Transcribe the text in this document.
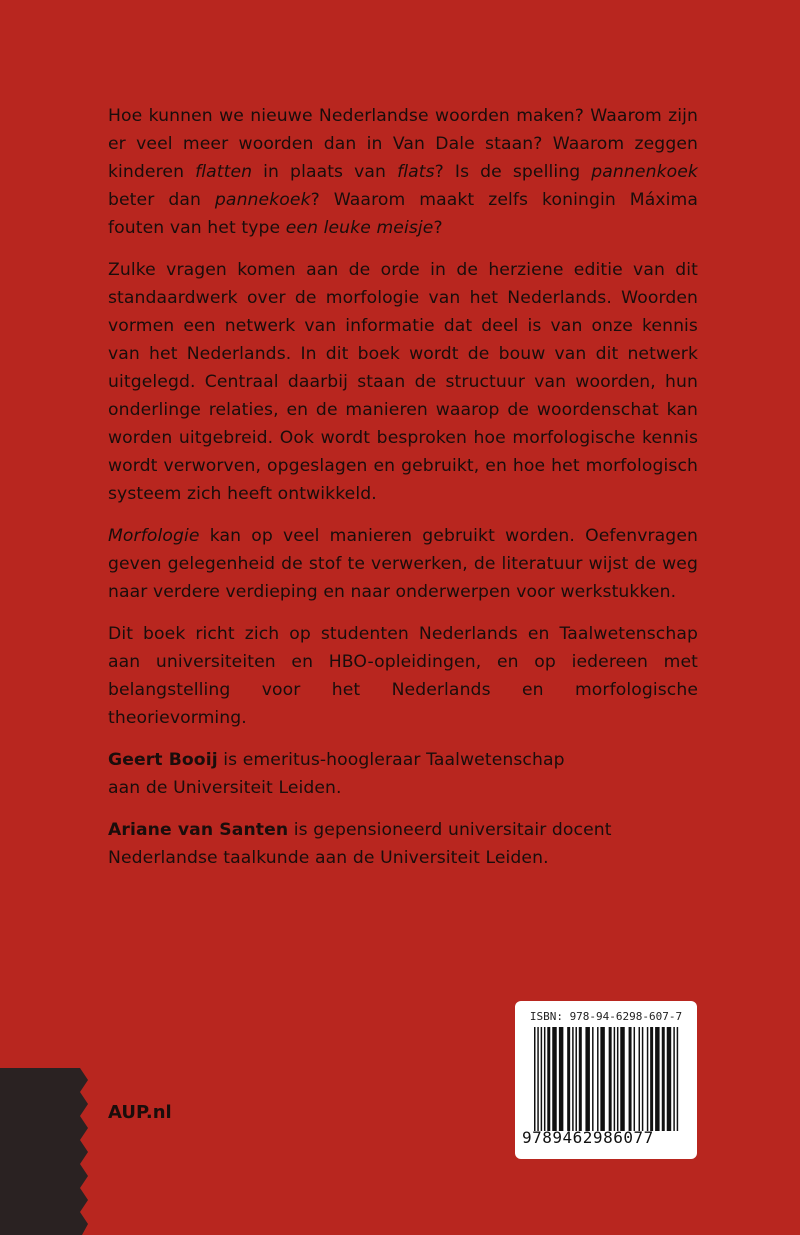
Hoe kunnen we nieuwe Nederlandse woorden maken? Waarom zijn er veel meer woorden dan in Van Dale staan? Waarom zeggen kinderen flatten in plaats van flats? Is de spelling pannenkoek beter dan pannekoek? Waarom maakt zelfs koningin Máxima fouten van het type een leuke meisje?

Zulke vragen komen aan de orde in de herziene editie van dit standaardwerk over de morfologie van het Nederlands. Woorden vormen een netwerk van informatie dat deel is van onze kennis van het Nederlands. In dit boek wordt de bouw van dit netwerk uitgelegd. Centraal daarbij staan de structuur van woorden, hun onderlinge relaties, en de manieren waarop de woordenschat kan worden uitgebreid. Ook wordt besproken hoe morfologische kennis wordt verworven, opgeslagen en gebruikt, en hoe het morfologisch systeem zich heeft ontwikkeld.

Morfologie kan op veel manieren gebruikt worden. Oefenvragen geven gelegenheid de stof te verwerken, de literatuur wijst de weg naar verdere verdieping en naar onderwerpen voor werkstukken.

Dit boek richt zich op studenten Nederlands en Taalwetenschap aan universiteiten en HBO-opleidingen, en op iedereen met belangstelling voor het Nederlands en morfologische theorievorming.

Geert Booij is emeritus-hoogleraar Taalwetenschap
aan de Universiteit Leiden.

Ariane van Santen is gepensioneerd universitair docent
Nederlandse taalkunde aan de Universiteit Leiden.

AUP.nl
ISBN: 978-94-6298-607-7
9789462986077
